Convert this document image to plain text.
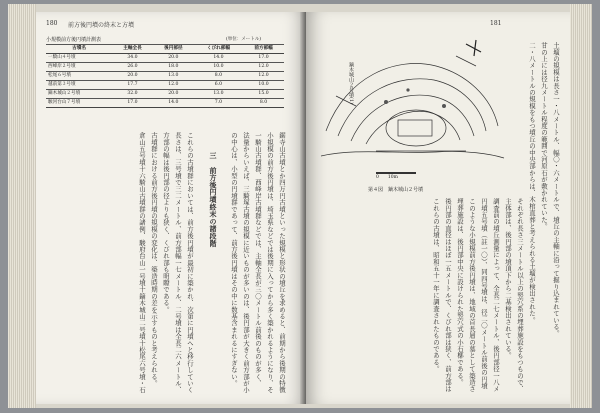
180 前方後円墳の終末と方墳
小規模前方後円墳計測表	(単位：メートル)
古墳名	主軸全長	後円部径	くびれ部幅	前方部幅
一騎山４号墳	34.0	20.0	14.0	17.0
西峰岸２号墳	26.0	18.0	10.0	12.0
松尾６号墳	20.0	13.0	8.0	12.0
越前第３号墳	17.7	12.0	6.0	10.0
鏑木城山２号墳	32.0	20.0	13.0	15.0
駿河台山７号墳	17.0	14.0	7.0	8.0
鋸寺山古墳とか四万円古墳といった規模と形状の墳丘を求めると、前期から後期の特徴
小規模の前方後円墳は、埼玉県などでは後期に入ってから多く築かれるようになり、そ
一騎山古墳群、西峰岸古墳群などでは、主軸全長が三〇メートル前後のものが多く、
法量からいえば、三騎塚古墳の規模に近いものが多いのは、後円部が大きく前方部が小
の中心は、小型の円墳群であって、前方後円墳はその中に数基含まれるにすぎない。
三　前方後円墳終末の諸段階
これらの古墳群においては、前方後円墳が最初に築かれ、次第に円墳へと移行していく
長さは、三号墳で三二メートル、前方部幅一七メートル、二号墳は全長二六メートル、
方部の幅は後円部の径よりも狭く、くびれ部も明瞭である。
古墳群における前方後円墳の規模の変化は、築造時期の差を示すものと考えられる。
倉山五号墳十六騎山古墳群の諸例、駿府台山一号墳十鏑木城山二号墳十松尾六号墳・石
181
鏑木城山２号墳(1)
0　　10m
第４図　鏑木城山２号墳	土壙の規模は長さ一・八メートル、幅〇・六メートルで、墳丘の主軸に沿って掘り込まれている。
甘の上には径九メートル程度の範囲で河原石が敷かれていた。
二・八メートルの規模をもつ墳丘の中央部からは、木棺直葬と考えられる土壙が検出された。
それぞれ長さ三メートル以上の竪穴系の埋葬施設をもつもので、
主体部は、後円部の墳頂下から二基検出されている。
調査前の墳丘測量によって、全長二七メートル、後円部径一八メ
円墳五号墳（註一〇）、同四号墳は、径二〇メートル前後の円墳
このような小規模前方後円墳は、地域の首長層の墓として築造さ
埋葬施設は、後円部中央に設けられた竪穴式の小石槨である。
後円部の直径はほぼ一五メートルで、くびれ部は狭く、前方部は
これらの古墳は、昭和五十一年に調査されたものである。
